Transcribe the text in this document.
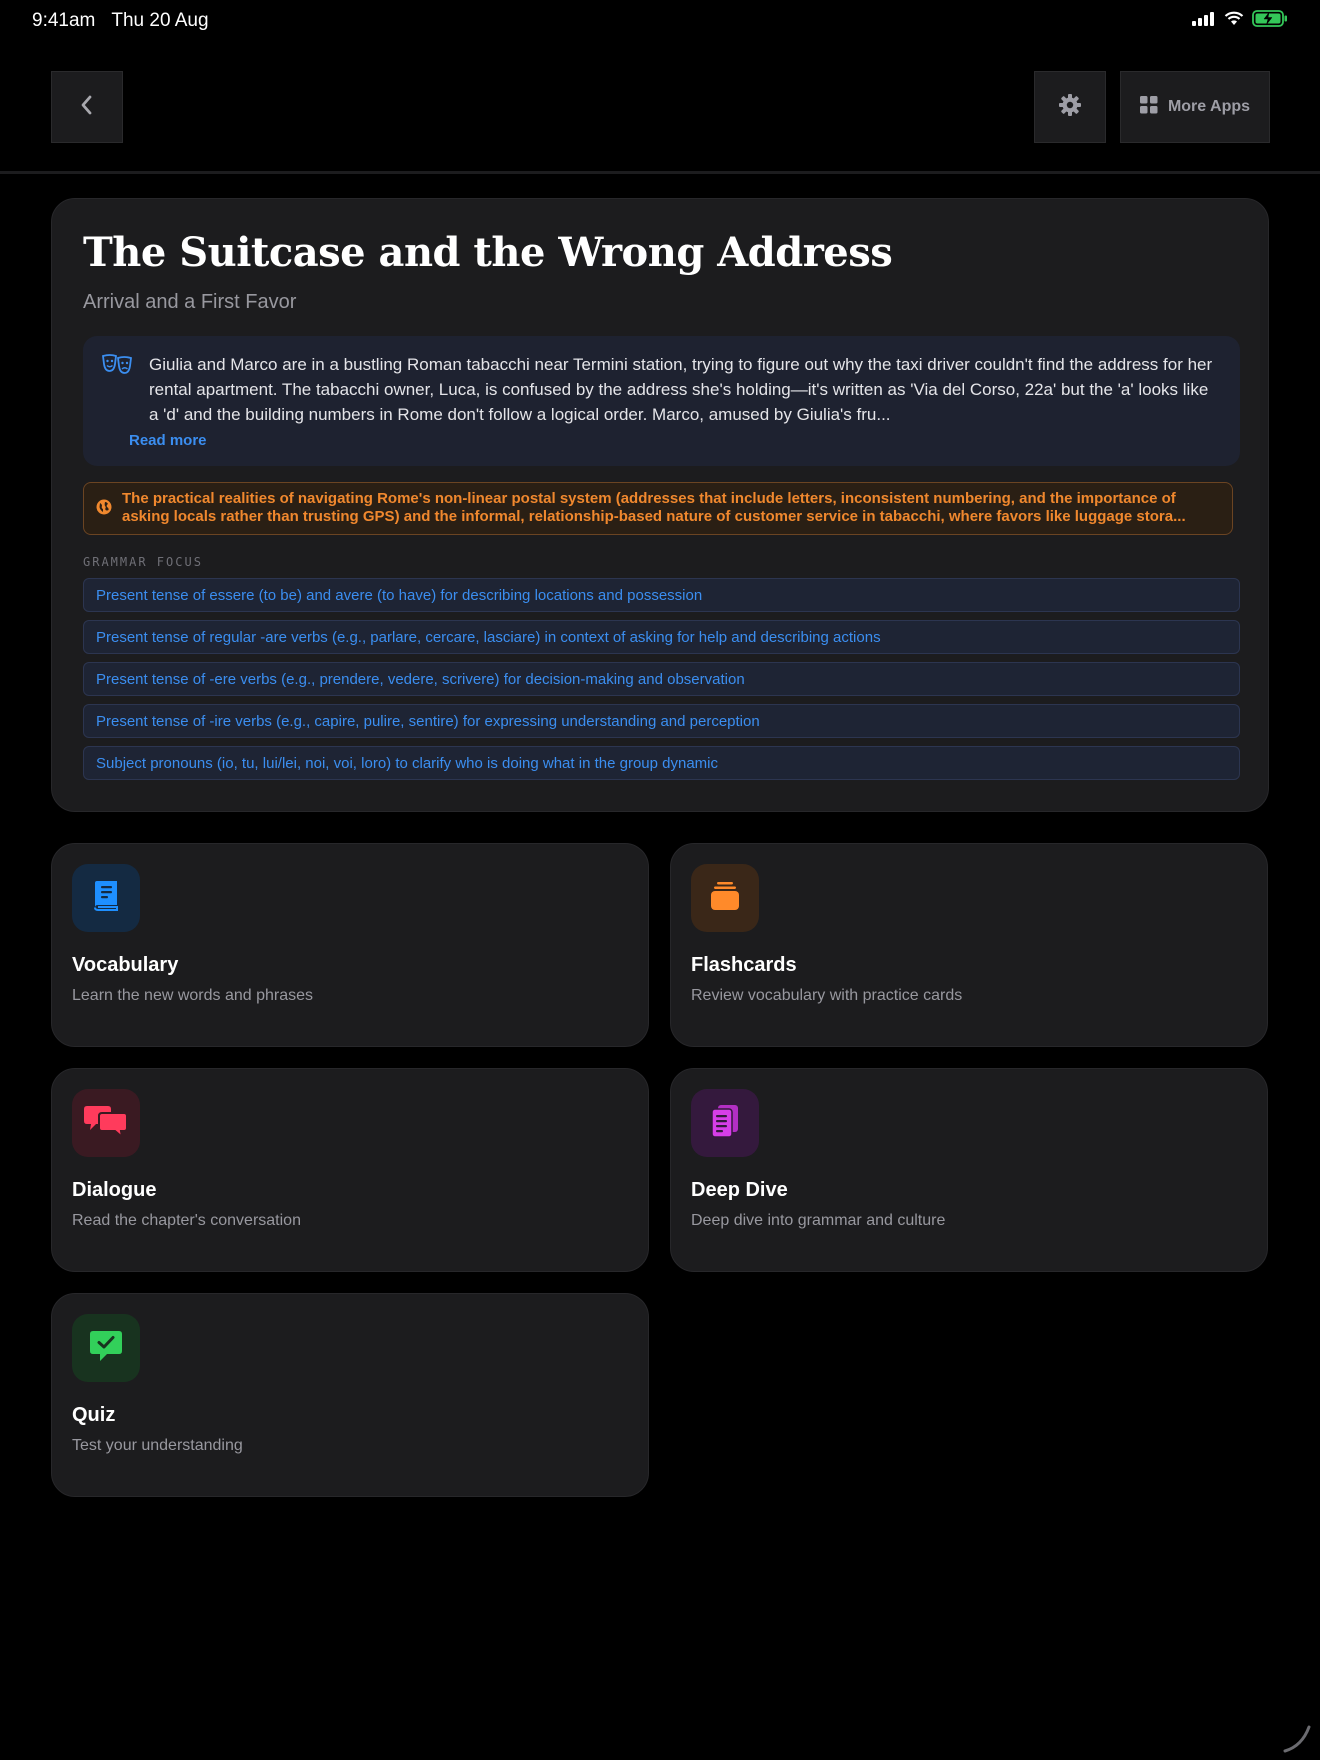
9:41am Thu 20 Aug
More Apps
The Suitcase and the Wrong Address
Arrival and a First Favor
Giulia and Marco are in a bustling Roman tabacchi near Termini station, trying to figure out why the taxi driver couldn't find the address for her rental apartment. The tabacchi owner, Luca, is confused by the address she's holding—it's written as 'Via del Corso, 22a' but the 'a' looks like a 'd' and the building numbers in Rome don't follow a logical order. Marco, amused by Giulia's fru...
Read more
The practical realities of navigating Rome's non-linear postal system (addresses that include letters, inconsistent numbering, and the importance of asking locals rather than trusting GPS) and the informal, relationship-based nature of customer service in tabacchi, where favors like luggage stora...
GRAMMAR FOCUS
Present tense of essere (to be) and avere (to have) for describing locations and possession
Present tense of regular -are verbs (e.g., parlare, cercare, lasciare) in context of asking for help and describing actions
Present tense of -ere verbs (e.g., prendere, vedere, scrivere) for decision-making and observation
Present tense of -ire verbs (e.g., capire, pulire, sentire) for expressing understanding and perception
Subject pronouns (io, tu, lui/lei, noi, voi, loro) to clarify who is doing what in the group dynamic
Vocabulary
Learn the new words and phrases
Flashcards
Review vocabulary with practice cards
Dialogue
Read the chapter's conversation
Deep Dive
Deep dive into grammar and culture
Quiz
Test your understanding
